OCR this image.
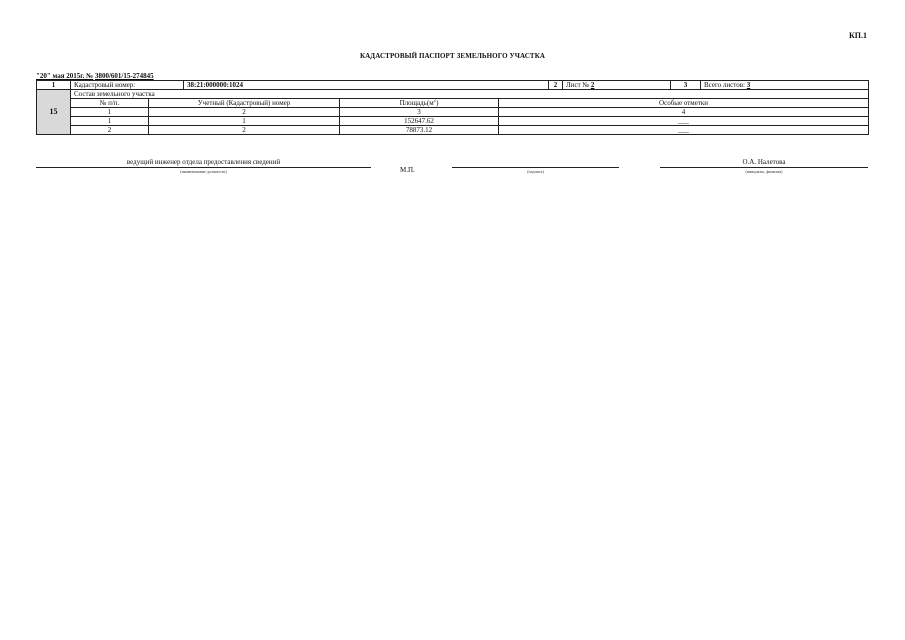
КП.1
КАДАСТРОВЫЙ ПАСПОРТ ЗЕМЕЛЬНОГО УЧАСТКА
"20" мая 2015г. № 3800/601/15-274845
1	Кадастровый номер:		38:21:000000:1024			2	Лист № 2	3	Всего листов: 3
15	Состав земельного участка								
	№ п/п.	Учетный (Кадастровый) номер		$Площадь(м^2)$	Особые отметки				
	1	2		3	4				
	1	1		152647.62	___				
	2	2		78873.12	___				
ведущий инженер отдела предоставления сведений
(наименование должности)	М.П.	(подпись)
О.А. Налетова
(инициалы, фамилия)
